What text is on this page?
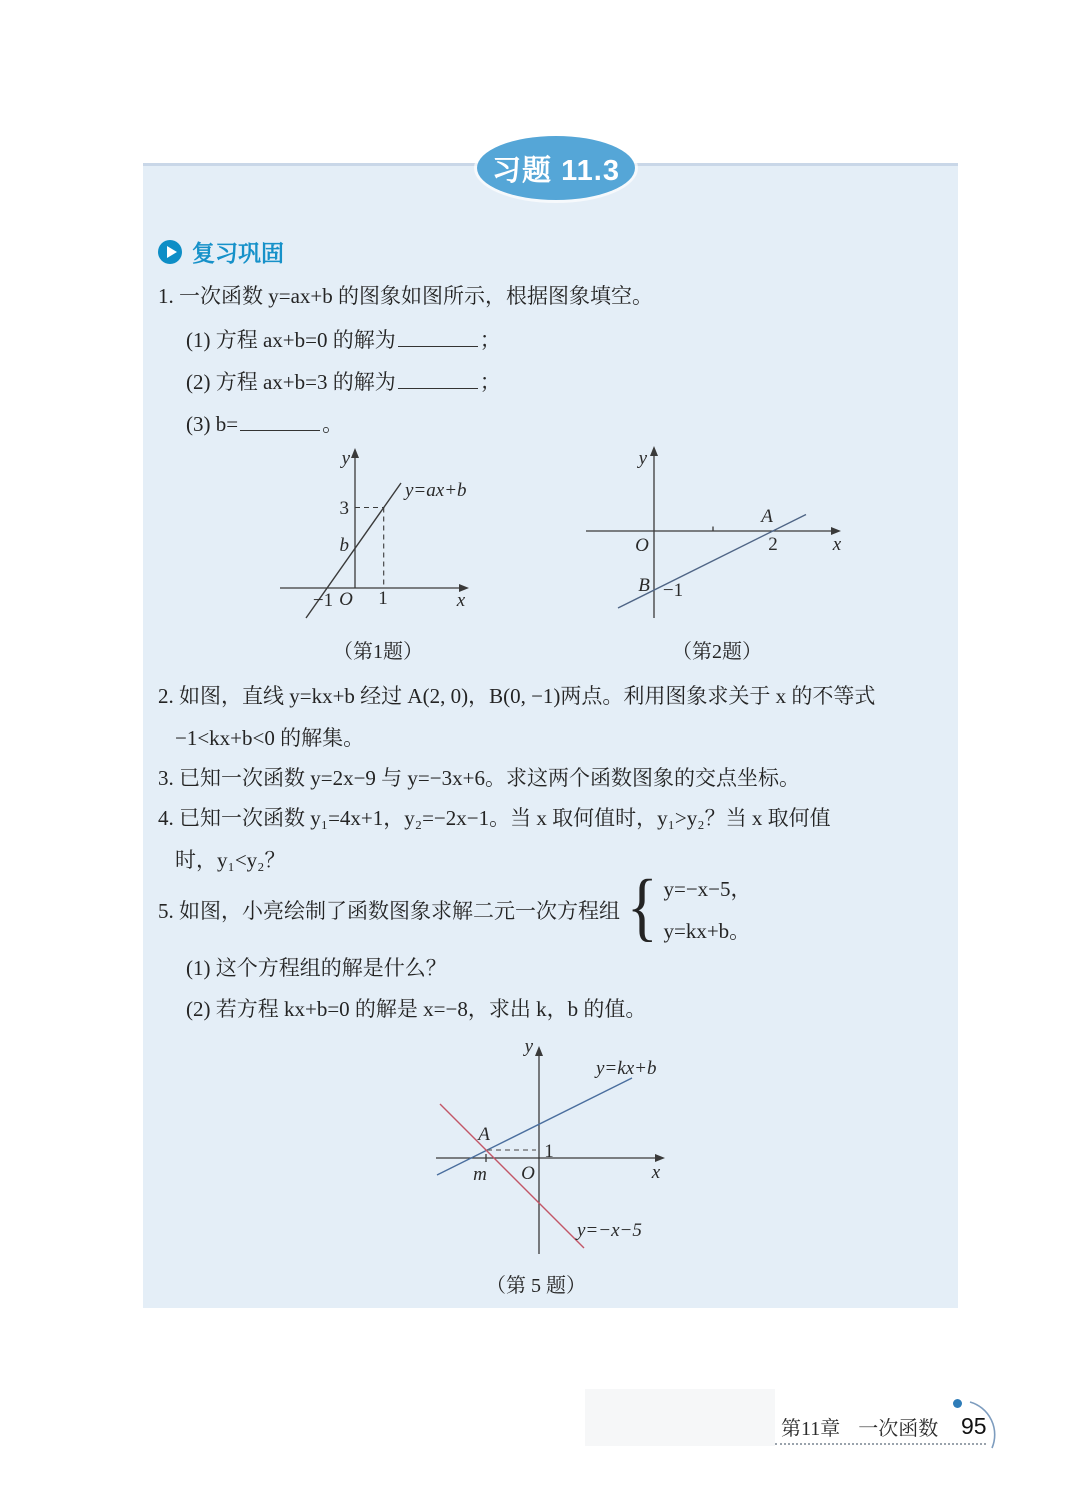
习题 11.3
复习巩固
1. 一次函数 y=ax+b 的图象如图所示，根据图象填空。
(1) 方程 ax+b=0 的解为	；
(2) 方程 ax+b=3 的解为	；
(3) b=	。
y
x
3
b
−1 O 1
y=ax+b
（第1题）
y
x
O
A
2
B −1
（第2题）
2. 如图，直线 y=kx+b 经过 A(2, 0)，B(0, −1)两点。利用图象求关于 x 的不等式
−1<kx+b<0 的解集。
3. 已知一次函数 y=2x−9 与 y=−3x+6。求这两个函数图象的交点坐标。
4. 已知一次函数 y₁=4x+1，y₂=−2x−1。当 x 取何值时，y₁>y₂？当 x 取何值
时，y₁<y₂？
5. 如图，小亮绘制了函数图象求解二元一次方程组 { y=−x−5，
y=kx+b。
(1) 这个方程组的解是什么？
(2) 若方程 kx+b=0 的解是 x=−8，求出 k，b 的值。
y
x
O
A
m
1
y=kx+b
y=−x−5
（第 5 题）
第11章 一次函数 95
